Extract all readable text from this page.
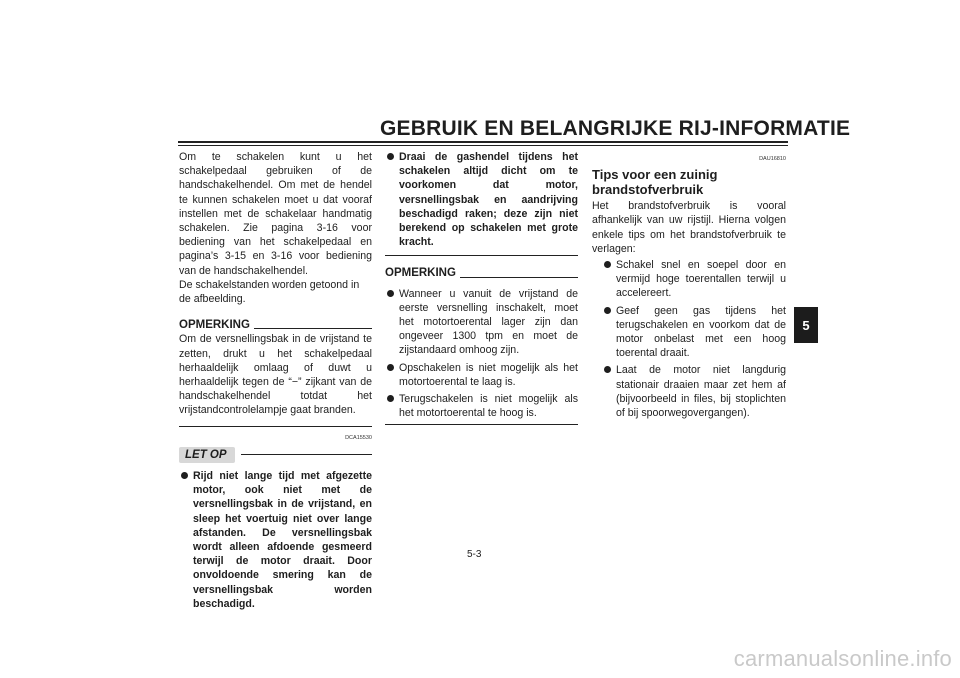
GEBRUIK EN BELANGRIJKE RIJ-INFORMATIE

Om te schakelen kunt u het schakelpedaal gebruiken of de handschakelhendel. Om met de hendel te kunnen schakelen moet u dat vooraf instellen met de schakelaar handmatig schakelen. Zie pagina 3-16 voor bediening van het schakelpedaal en pagina’s 3-15 en 3-16 voor bediening van de handschakelhendel.

De schakelstanden worden getoond in de afbeelding.

OPMERKING

Om de versnellingsbak in de vrijstand te zetten, drukt u het schakelpedaal herhaaldelijk omlaag of duwt u herhaaldelijk tegen de “−” zijkant van de handschakelhendel totdat het vrijstandcontrolelampje gaat branden.

DCA15530
LET OP
Rijd niet lange tijd met afgezette motor, ook niet met de versnellingsbak in de vrijstand, en sleep het voertuig niet over lange afstanden. De versnellingsbak wordt alleen afdoende gesmeerd terwijl de motor draait. Door onvoldoende smering kan de versnellingsbak worden beschadigd.
Draai de gashendel tijdens het schakelen altijd dicht om te voorkomen dat motor, versnellingsbak en aandrijving beschadigd raken; deze zijn niet berekend op schakelen met grote kracht.
OPMERKING
Wanneer u vanuit de vrijstand de eerste versnelling inschakelt, moet het motortoerental lager zijn dan ongeveer 1300 tpm en moet de zijstandaard omhoog zijn.
Opschakelen is niet mogelijk als het motortoerental te laag is.
Terugschakelen is niet mogelijk als het motortoerental te hoog is.
DAU16810
Tips voor een zuinig brandstofverbruik

Het brandstofverbruik is vooral afhankelijk van uw rijstijl. Hierna volgen enkele tips om het brandstofverbruik te verlagen:

Schakel snel en soepel door en vermijd hoge toerentallen terwijl u accelereert.
Geef geen gas tijdens het terugschakelen en voorkom dat de motor onbelast met een hoog toerental draait.
Laat de motor niet langdurig stationair draaien maar zet hem af (bijvoorbeeld in files, bij stoplichten of bij spoorwegovergangen).
5
5-3
carmanualsonline.info
